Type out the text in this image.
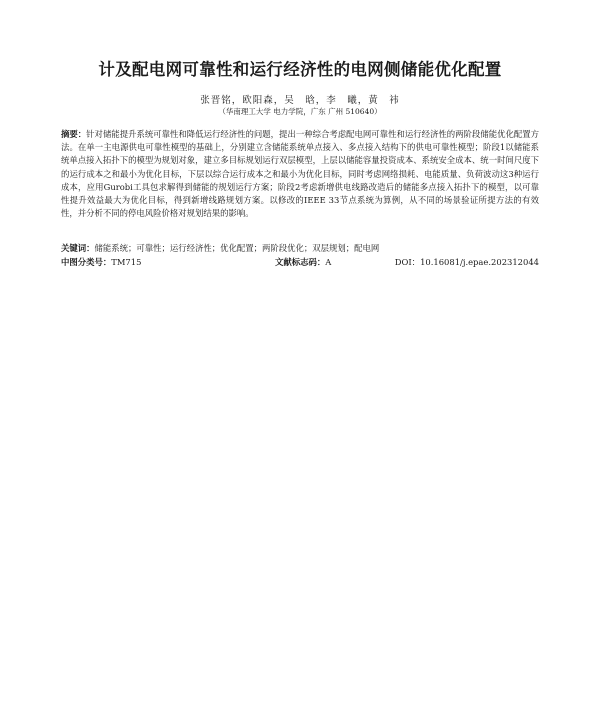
计及配电网可靠性和运行经济性的电网侧储能优化配置
张晋铭，欧阳森，吴　晗，李　曦，黄　祎
（华南理工大学 电力学院，广东 广州 510640）
摘要：针对储能提升系统可靠性和降低运行经济性的问题，提出一种综合考虑配电网可靠性和运行经济性的两阶段储能优化配置方法。在单一主电源供电可靠性模型的基础上，分别建立含储能系统单点接入、多点接入结构下的供电可靠性模型；阶段1以储能系统单点接入拓扑下的模型为规划对象，建立多目标规划运行双层模型，上层以储能容量投资成本、系统安全成本、统一时间尺度下的运行成本之和最小为优化目标，下层以综合运行成本之和最小为优化目标，同时考虑网络损耗、电能质量、负荷波动这3种运行成本，应用Gurobi工具包求解得到储能的规划运行方案；阶段2考虑新增供电线路改造后的储能多点接入拓扑下的模型，以可靠性提升效益最大为优化目标，得到新增线路规划方案。以修改的IEEE 33节点系统为算例，从不同的场景验证所提方法的有效性，并分析不同的停电风险价格对规划结果的影响。
关键词：储能系统；可靠性；运行经济性；优化配置；两阶段优化；双层规划；配电网
中图分类号：TM715	文献标志码：A	DOI：10.16081/j.epae.202312044
